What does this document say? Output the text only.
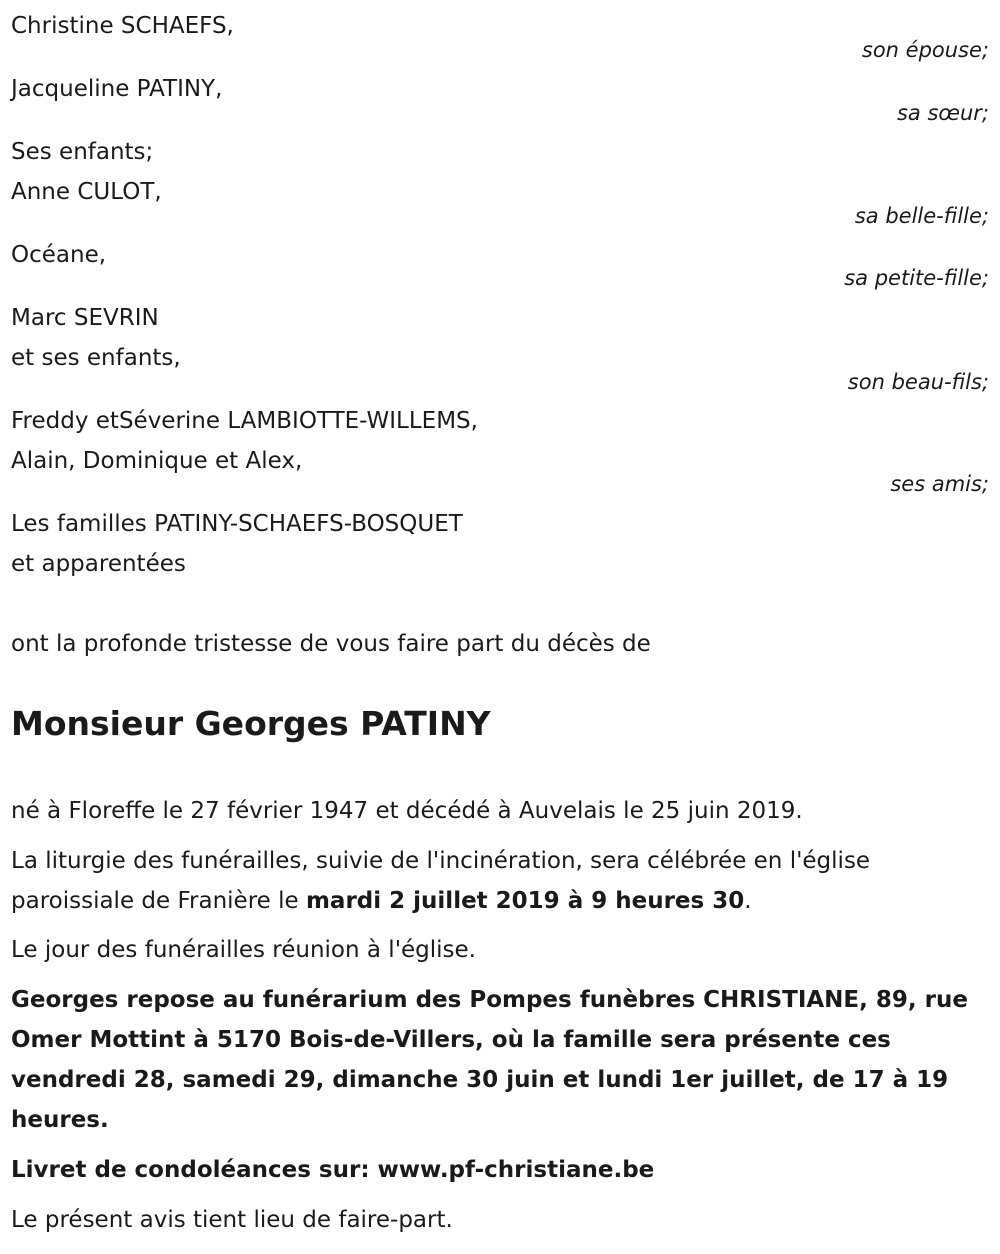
Christine SCHAEFS,
son épouse;
Jacqueline PATINY,
sa sœur;
Ses enfants;
Anne CULOT,
sa belle-fille;
Océane,
sa petite-fille;
Marc SEVRIN
et ses enfants,
son beau-fils;
Freddy etSéverine LAMBIOTTE-WILLEMS,
Alain, Dominique et Alex,
ses amis;
Les familles PATINY-SCHAEFS-BOSQUET
et apparentées
ont la profonde tristesse de vous faire part du décès de
Monsieur Georges PATINY
né à Floreffe le 27 février 1947 et décédé à Auvelais le 25 juin 2019.
La liturgie des funérailles, suivie de l'incinération, sera célébrée en l'église paroissiale de Franière le mardi 2 juillet 2019 à 9 heures 30.
Le jour des funérailles réunion à l'église.
Georges repose au funérarium des Pompes funèbres CHRISTIANE, 89, rue Omer Mottint à 5170 Bois-de-Villers, où la famille sera présente ces vendredi 28, samedi 29, dimanche 30 juin et lundi 1er juillet, de 17 à 19 heures.
Livret de condoléances sur: www.pf-christiane.be
Le présent avis tient lieu de faire-part.
